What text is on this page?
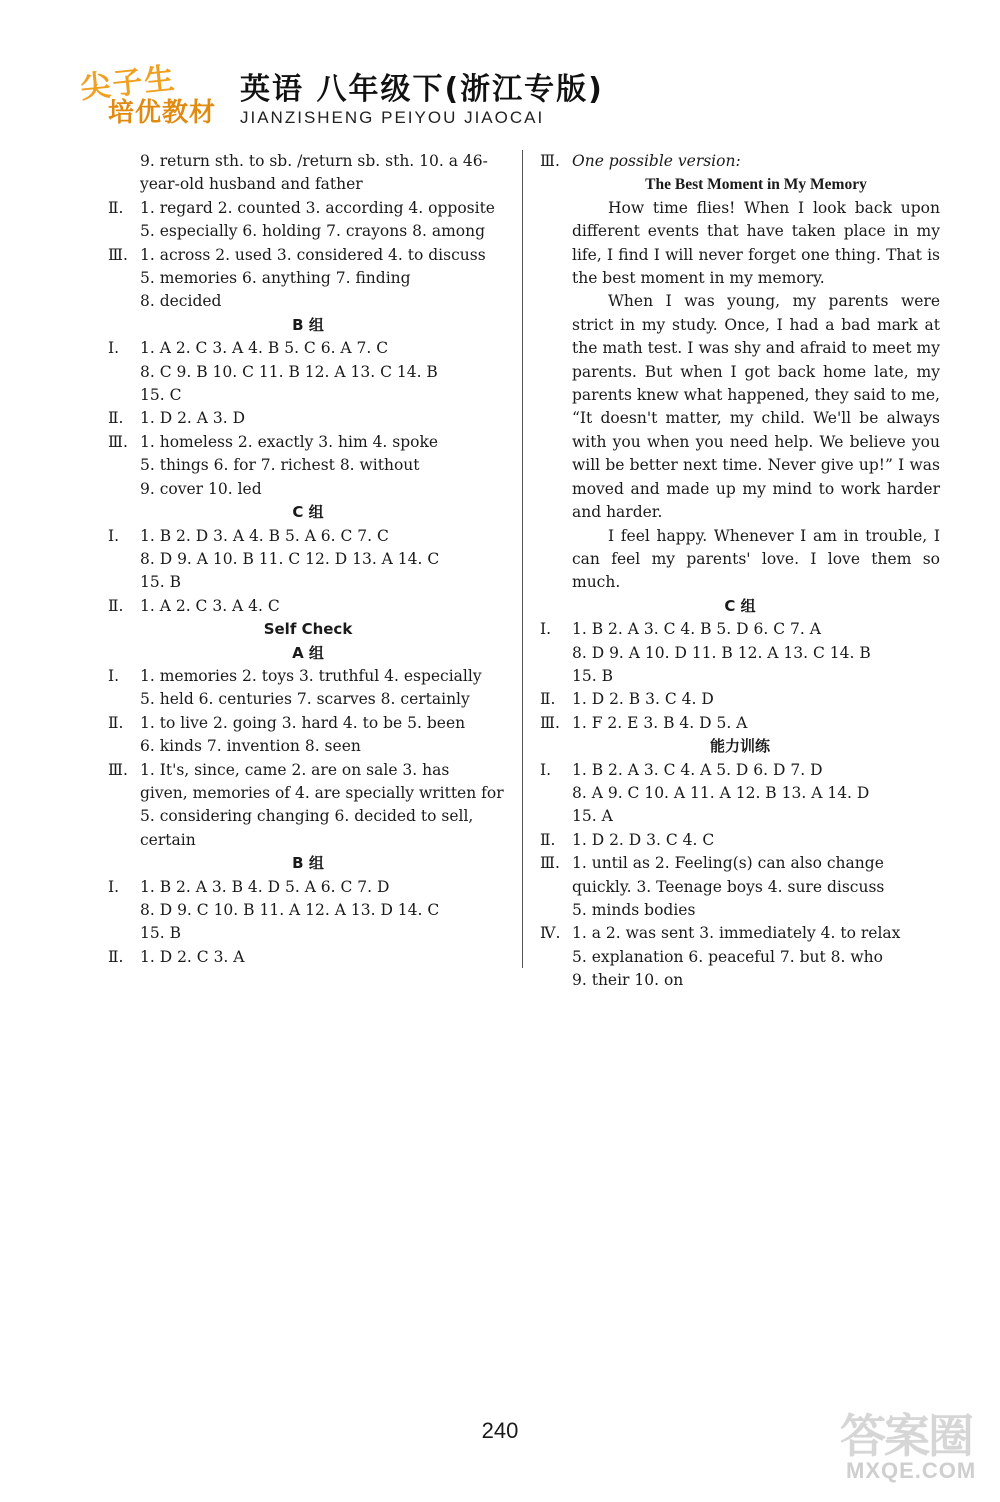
尖子生
培优教材
英语 八年级下(浙江专版)
JIANZISHENG PEIYOU JIAOCAI
9. return sth. to sb. /return sb. sth. 10. a 46-
year-old husband and father
Ⅱ. 1. regard 2. counted 3. according 4. opposite
5. especially 6. holding 7. crayons 8. among
Ⅲ. 1. across 2. used 3. considered 4. to discuss
5. memories 6. anything 7. finding
8. decided
B 组
Ⅰ. 1. A 2. C 3. A 4. B 5. C 6. A 7. C
8. C 9. B 10. C 11. B 12. A 13. C 14. B
15. C
Ⅱ. 1. D 2. A 3. D
Ⅲ. 1. homeless 2. exactly 3. him 4. spoke
5. things 6. for 7. richest 8. without
9. cover 10. led
C 组
Ⅰ. 1. B 2. D 3. A 4. B 5. A 6. C 7. C
8. D 9. A 10. B 11. C 12. D 13. A 14. C
15. B
Ⅱ. 1. A 2. C 3. A 4. C
Self Check
A 组
Ⅰ. 1. memories 2. toys 3. truthful 4. especially
5. held 6. centuries 7. scarves 8. certainly
Ⅱ. 1. to live 2. going 3. hard 4. to be 5. been
6. kinds 7. invention 8. seen
Ⅲ. 1. It's, since, came 2. are on sale 3. has
given, memories of 4. are specially written for
5. considering changing 6. decided to sell,
certain
B 组
Ⅰ. 1. B 2. A 3. B 4. D 5. A 6. C 7. D
8. D 9. C 10. B 11. A 12. A 13. D 14. C
15. B
Ⅱ. 1. D 2. C 3. A
Ⅲ. One possible version:
The Best Moment in My Memory

How time flies! When I look back upon different events that have taken place in my life, I find I will never forget one thing. That is the best moment in my memory.

When I was young, my parents were strict in my study. Once, I had a bad mark at the math test. I was shy and afraid to meet my parents. But when I got back home late, my parents knew what happened, they said to me, “It doesn't matter, my child. We'll be always with you when you need help. We believe you will be better next time. Never give up!” I was moved and made up my mind to work harder and harder.

I feel happy. Whenever I am in trouble, I can feel my parents' love. I love them so much.

C 组
Ⅰ. 1. B 2. A 3. C 4. B 5. D 6. C 7. A
8. D 9. A 10. D 11. B 12. A 13. C 14. B
15. B
Ⅱ. 1. D 2. B 3. C 4. D
Ⅲ. 1. F 2. E 3. B 4. D 5. A
能力训练
Ⅰ. 1. B 2. A 3. C 4. A 5. D 6. D 7. D
8. A 9. C 10. A 11. A 12. B 13. A 14. D
15. A
Ⅱ. 1. D 2. D 3. C 4. C
Ⅲ. 1. until as 2. Feeling(s) can also change
quickly. 3. Teenage boys 4. sure discuss
5. minds bodies
Ⅳ. 1. a 2. was sent 3. immediately 4. to relax
5. explanation 6. peaceful 7. but 8. who
9. their 10. on
240	答案圈
MXQE.COM
